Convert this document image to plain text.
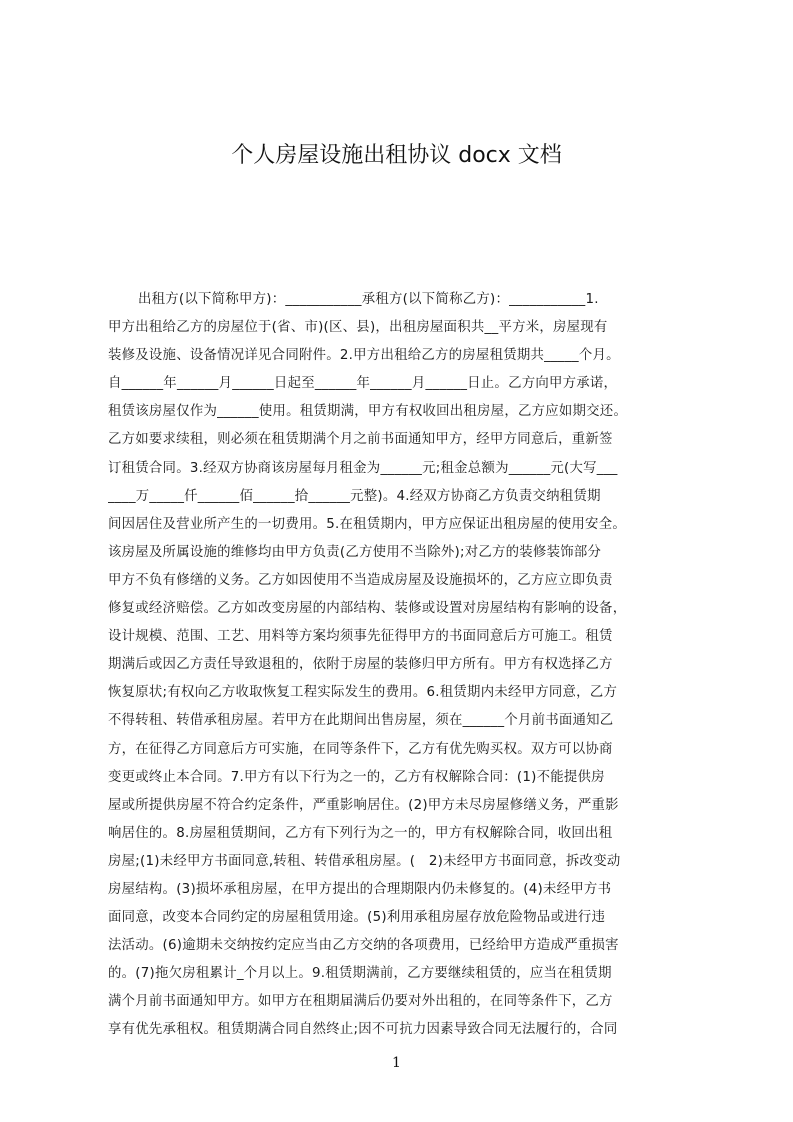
个人房屋设施出租协议 docx 文档
出租方(以下简称甲方)：___________承租方(以下简称乙方)：___________1.
甲方出租给乙方的房屋位于(省、市)(区、县)，出租房屋面积共__平方米，房屋现有
装修及设施、设备情况详见合同附件。2.甲方出租给乙方的房屋租赁期共_____个月。
自______年______月______日起至______年______月______日止。乙方向甲方承诺，
租赁该房屋仅作为______使用。租赁期满，甲方有权收回出租房屋，乙方应如期交还。
乙方如要求续租，则必须在租赁期满个月之前书面通知甲方，经甲方同意后，重新签
订租赁合同。3.经双方协商该房屋每月租金为______元;租金总额为______元(大写___
____万_____仟______佰______拾______元整)。4.经双方协商乙方负责交纳租赁期
间因居住及营业所产生的一切费用。5.在租赁期内，甲方应保证出租房屋的使用安全。
该房屋及所属设施的维修均由甲方负责(乙方使用不当除外);对乙方的装修装饰部分
甲方不负有修缮的义务。乙方如因使用不当造成房屋及设施损坏的，乙方应立即负责
修复或经济赔偿。乙方如改变房屋的内部结构、装修或设置对房屋结构有影响的设备，
设计规模、范围、工艺、用料等方案均须事先征得甲方的书面同意后方可施工。租赁
期满后或因乙方责任导致退租的，依附于房屋的装修归甲方所有。甲方有权选择乙方
恢复原状;有权向乙方收取恢复工程实际发生的费用。6.租赁期内未经甲方同意，乙方
不得转租、转借承租房屋。若甲方在此期间出售房屋，须在______个月前书面通知乙
方，在征得乙方同意后方可实施，在同等条件下，乙方有优先购买权。双方可以协商
变更或终止本合同。7.甲方有以下行为之一的，乙方有权解除合同：(1)不能提供房
屋或所提供房屋不符合约定条件，严重影响居住。(2)甲方未尽房屋修缮义务，严重影
响居住的。8.房屋租赁期间，乙方有下列行为之一的，甲方有权解除合同，收回出租
房屋;(1)未经甲方书面同意,转租、转借承租房屋。(　2)未经甲方书面同意，拆改变动
房屋结构。(3)损坏承租房屋，在甲方提出的合理期限内仍未修复的。(4)未经甲方书
面同意，改变本合同约定的房屋租赁用途。(5)利用承租房屋存放危险物品或进行违
法活动。(6)逾期未交纳按约定应当由乙方交纳的各项费用，已经给甲方造成严重损害
的。(7)拖欠房租累计_个月以上。9.租赁期满前，乙方要继续租赁的，应当在租赁期
满个月前书面通知甲方。如甲方在租期届满后仍要对外出租的，在同等条件下，乙方
享有优先承租权。租赁期满合同自然终止;因不可抗力因素导致合同无法履行的，合同
1
